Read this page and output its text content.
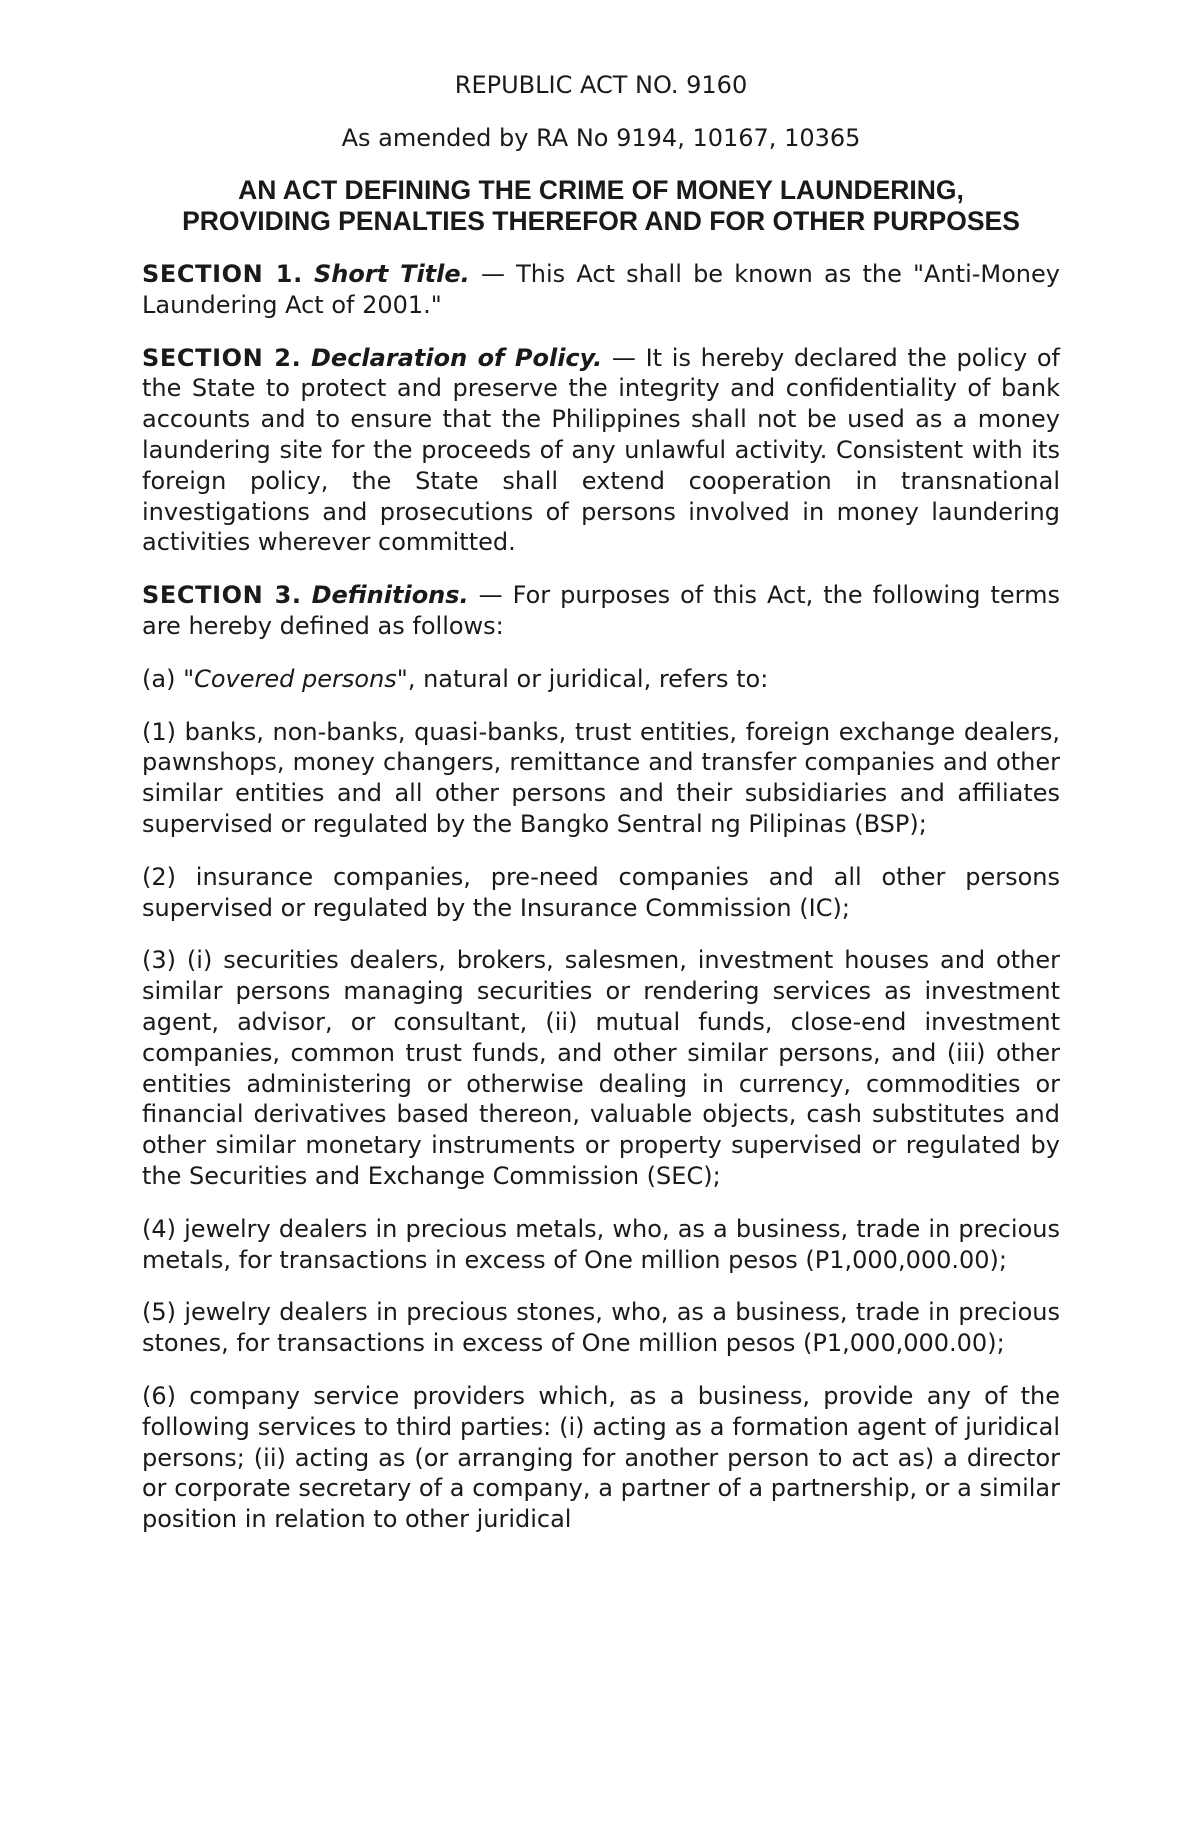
REPUBLIC ACT NO. 9160
As amended by RA No 9194, 10167, 10365
AN ACT DEFINING THE CRIME OF MONEY LAUNDERING, PROVIDING PENALTIES THEREFOR AND FOR OTHER PURPOSES

SECTION 1. Short Title. — This Act shall be known as the "Anti-Money Laundering Act of 2001."

SECTION 2. Declaration of Policy. — It is hereby declared the policy of the State to protect and preserve the integrity and confidentiality of bank accounts and to ensure that the Philippines shall not be used as a money laundering site for the proceeds of any unlawful activity. Consistent with its foreign policy, the State shall extend cooperation in transnational investigations and prosecutions of persons involved in money laundering activities wherever committed.

SECTION 3. Definitions. — For purposes of this Act, the following terms are hereby defined as follows:

(a) "Covered persons", natural or juridical, refers to:

(1) banks, non-banks, quasi-banks, trust entities, foreign exchange dealers, pawnshops, money changers, remittance and transfer companies and other similar entities and all other persons and their subsidiaries and affiliates supervised or regulated by the Bangko Sentral ng Pilipinas (BSP);

(2) insurance companies, pre-need companies and all other persons supervised or regulated by the Insurance Commission (IC);

(3) (i) securities dealers, brokers, salesmen, investment houses and other similar persons managing securities or rendering services as investment agent, advisor, or consultant, (ii) mutual funds, close-end investment companies, common trust funds, and other similar persons, and (iii) other entities administering or otherwise dealing in currency, commodities or financial derivatives based thereon, valuable objects, cash substitutes and other similar monetary instruments or property supervised or regulated by the Securities and Exchange Commission (SEC);

(4) jewelry dealers in precious metals, who, as a business, trade in precious metals, for transactions in excess of One million pesos (P1,000,000.00);

(5) jewelry dealers in precious stones, who, as a business, trade in precious stones, for transactions in excess of One million pesos (P1,000,000.00);

(6) company service providers which, as a business, provide any of the following services to third parties: (i) acting as a formation agent of juridical persons; (ii) acting as (or arranging for another person to act as) a director or corporate secretary of a company, a partner of a partnership, or a similar position in relation to other juridical
